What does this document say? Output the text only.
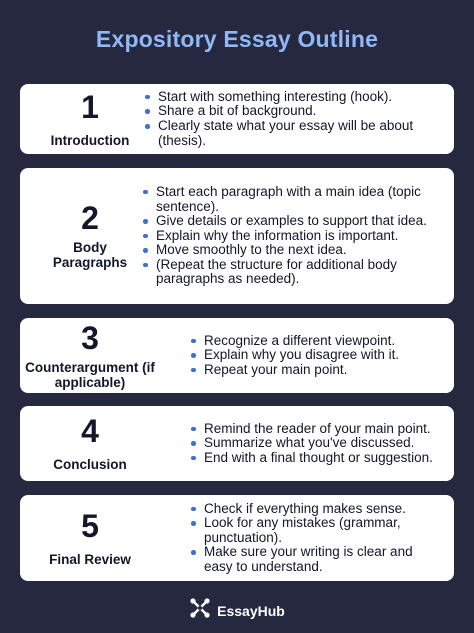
Expository Essay Outline
1
Introduction
Start with something interesting (hook).
Share a bit of background.
Clearly state what your essay will be about (thesis).
2
Body Paragraphs
Start each paragraph with a main idea (topic sentence).
Give details or examples to support that idea.
Explain why the information is important.
Move smoothly to the next idea.
(Repeat the structure for additional body paragraphs as needed).
3
Counterargument (if applicable)
Recognize a different viewpoint.
Explain why you disagree with it.
Repeat your main point.
4
Conclusion
Remind the reader of your main point.
Summarize what you've discussed.
End with a final thought or suggestion.
5
Final Review
Check if everything makes sense.
Look for any mistakes (grammar, punctuation).
Make sure your writing is clear and easy to understand.
EssayHub
